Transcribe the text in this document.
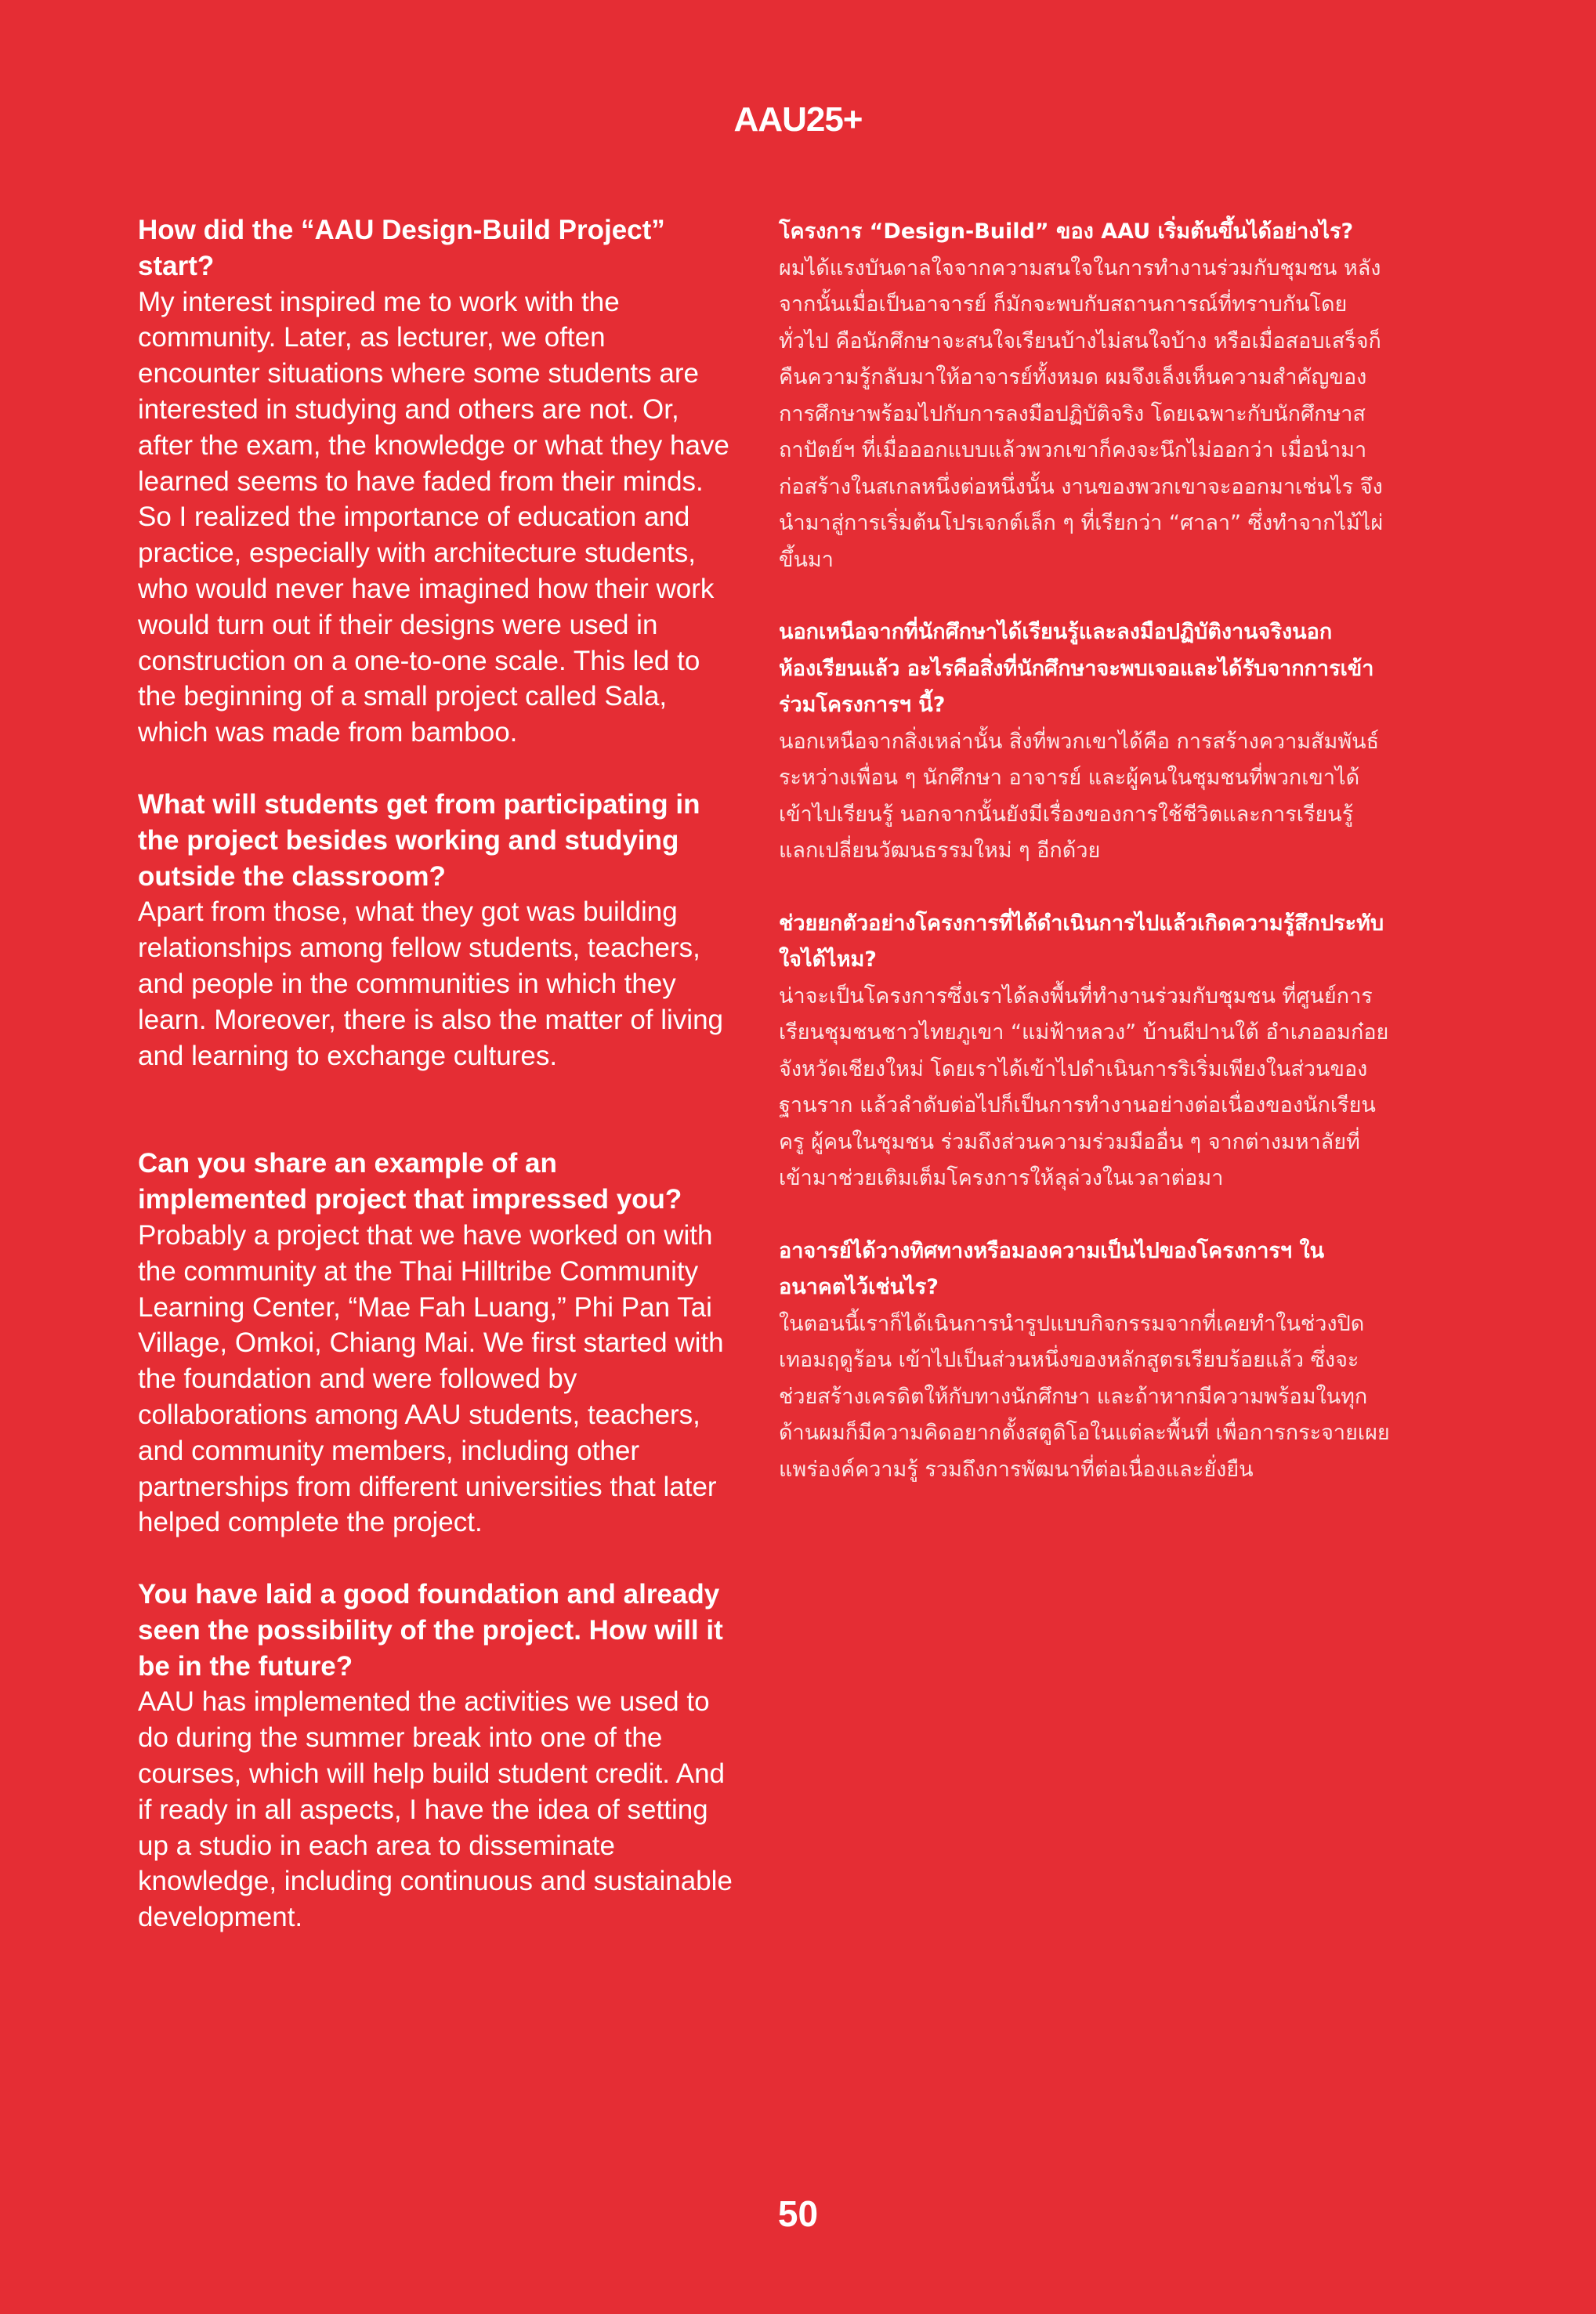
AAU25+

How did the “AAU Design-Build Project” start?

My interest inspired me to work with the community. Later, as lecturer, we often encounter situations where some students are interested in studying and others are not. Or, after the exam, the knowledge or what they have learned seems to have faded from their minds. So I realized the importance of education and practice, especially with architecture students, who would never have imagined how their work would turn out if their designs were used in construction on a one-to-one scale. This led to the beginning of a small project called Sala, which was made from bamboo.

What will students get from participating in the project besides working and studying outside the classroom?

Apart from those, what they got was building relationships among fellow students, teachers, and people in the communities in which they learn. Moreover, there is also the matter of living and learning to exchange cultures.

Can you share an example of an implemented project that impressed you?

Probably a project that we have worked on with the community at the Thai Hilltribe Community Learning Center, “Mae Fah Luang,” Phi Pan Tai Village, Omkoi, Chiang Mai. We first started with the foundation and were followed by collaborations among AAU students, teachers, and community members, including other partnerships from different universities that later helped complete the project.

You have laid a good foundation and already seen the possibility of the project. How will it be in the future?

AAU has implemented the activities we used to do during the summer break into one of the courses, which will help build student credit. And if ready in all aspects, I have the idea of setting up a studio in each area to disseminate knowledge, including continuous and sustainable development.

โครงการ “Design-Build” ของ AAU เริ่มต้นขึ้นได้อย่างไร?

ผมได้แรงบันดาลใจจากความสนใจในการทำงานร่วมกับชุมชน หลังจากนั้นเมื่อเป็นอาจารย์ ก็มักจะพบกับสถานการณ์ที่ทราบกันโดยทั่วไป คือนักศึกษาจะสนใจเรียนบ้างไม่สนใจบ้าง หรือเมื่อสอบเสร็จก็คืนความรู้กลับมาให้อาจารย์ทั้งหมด ผมจึงเล็งเห็นความสำคัญของการศึกษาพร้อมไปกับการลงมือปฏิบัติจริง โดยเฉพาะกับนักศึกษาสถาปัตย์ฯ ที่เมื่อออกแบบแล้วพวกเขาก็คงจะนึกไม่ออกว่า เมื่อนำมาก่อสร้างในสเกลหนึ่งต่อหนึ่งนั้น งานของพวกเขาจะออกมาเช่นไร จึงนำมาสู่การเริ่มต้นโปรเจกต์เล็ก ๆ ที่เรียกว่า “ศาลา” ซึ่งทำจากไม้ไผ่ขึ้นมา

นอกเหนือจากที่นักศึกษาได้เรียนรู้และลงมือปฏิบัติงานจริงนอกห้องเรียนแล้ว อะไรคือสิ่งที่นักศึกษาจะพบเจอและได้รับจากการเข้าร่วมโครงการฯ นี้?

นอกเหนือจากสิ่งเหล่านั้น สิ่งที่พวกเขาได้คือ การสร้างความสัมพันธ์ระหว่างเพื่อน ๆ นักศึกษา อาจารย์ และผู้คนในชุมชนที่พวกเขาได้เข้าไปเรียนรู้ นอกจากนั้นยังมีเรื่องของการใช้ชีวิตและการเรียนรู้แลกเปลี่ยนวัฒนธรรมใหม่ ๆ อีกด้วย

ช่วยยกตัวอย่างโครงการที่ได้ดำเนินการไปแล้วเกิดความรู้สึกประทับใจได้ไหม?

น่าจะเป็นโครงการซึ่งเราได้ลงพื้นที่ทำงานร่วมกับชุมชน ที่ศูนย์การเรียนชุมชนชาวไทยภูเขา “แม่ฟ้าหลวง” บ้านผีปานใต้ อำเภออมก๋อย จังหวัดเชียงใหม่ โดยเราได้เข้าไปดำเนินการริเริ่มเพียงในส่วนของฐานราก แล้วลำดับต่อไปก็เป็นการทำงานอย่างต่อเนื่องของนักเรียน ครู ผู้คนในชุมชน ร่วมถึงส่วนความร่วมมืออื่น ๆ จากต่างมหาลัยที่เข้ามาช่วยเติมเต็มโครงการให้ลุล่วงในเวลาต่อมา

อาจารย์ได้วางทิศทางหรือมองความเป็นไปของโครงการฯ ในอนาคตไว้เช่นไร?

ในตอนนี้เราก็ได้เนินการนำรูปแบบกิจกรรมจากที่เคยทำในช่วงปิดเทอมฤดูร้อน เข้าไปเป็นส่วนหนึ่งของหลักสูตรเรียบร้อยแล้ว ซึ่งจะช่วยสร้างเครดิตให้กับทางนักศึกษา และถ้าหากมีความพร้อมในทุกด้านผมก็มีความคิดอยากตั้งสตูดิโอในแต่ละพื้นที่ เพื่อการกระจายเผยแพร่องค์ความรู้ รวมถึงการพัฒนาที่ต่อเนื่องและยั่งยืน

50
